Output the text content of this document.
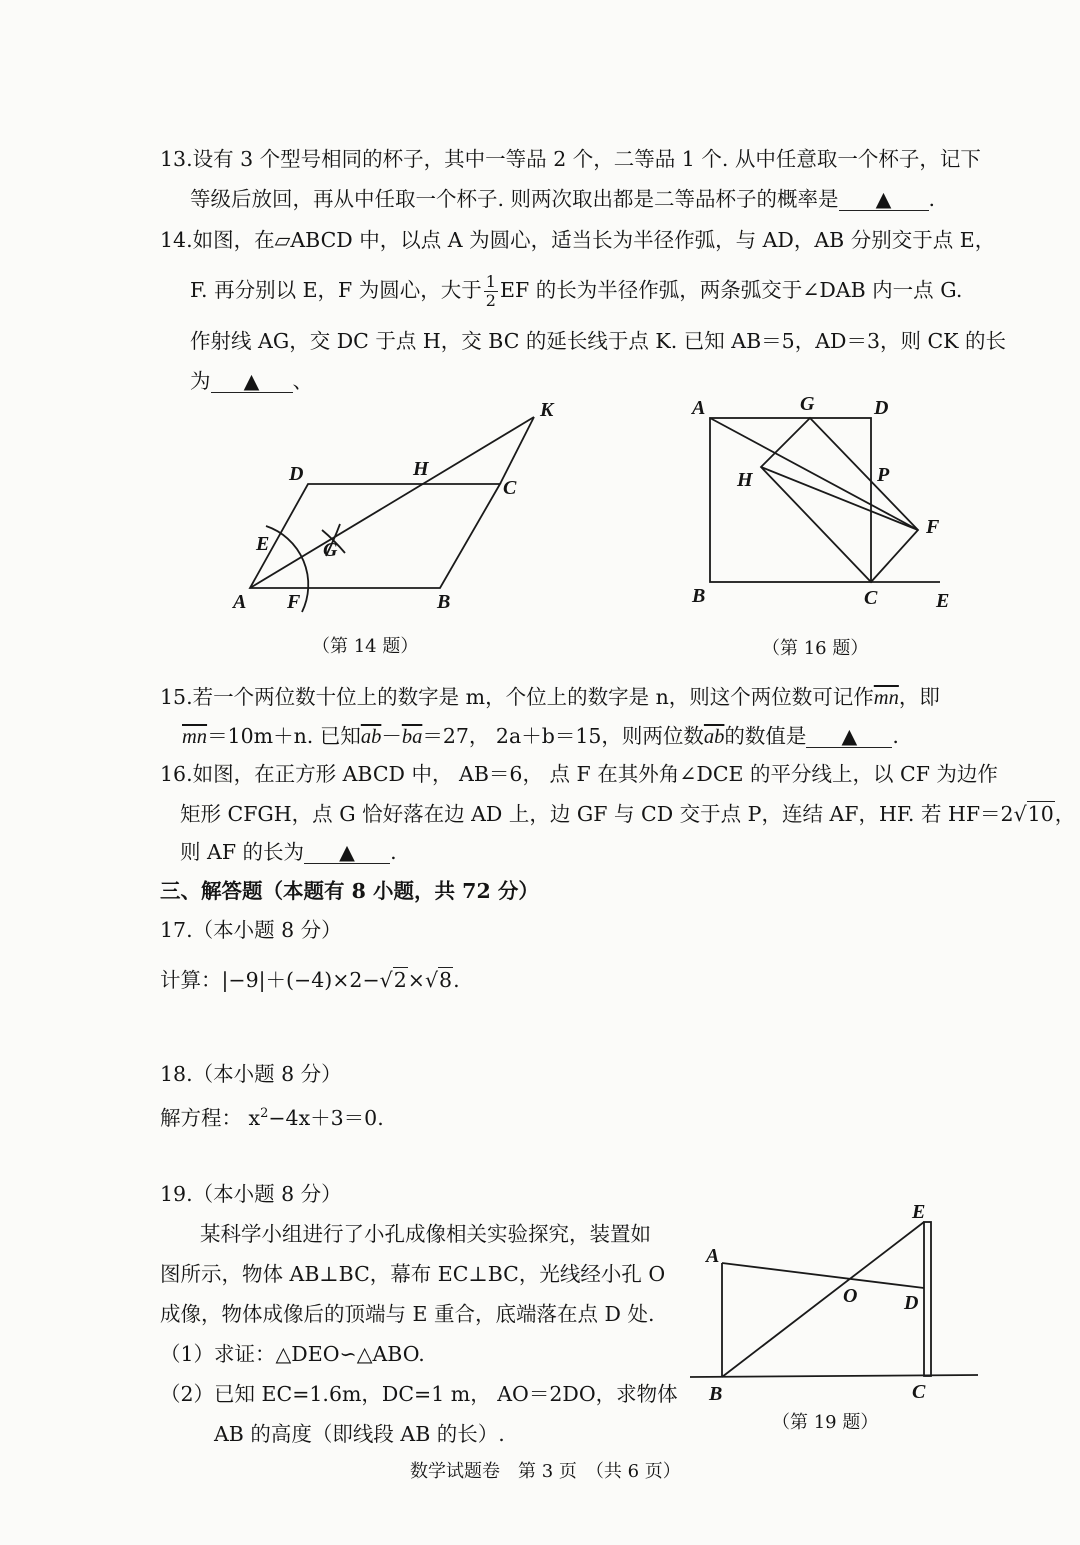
13.设有 3 个型号相同的杯子，其中一等品 2 个，二等品 1 个. 从中任意取一个杯子，记下
等级后放回，再从中任取一个杯子. 则两次取出都是二等品杯子的概率是 ▲ .
14.如图，在▱ABCD 中，以点 A 为圆心，适当长为半径作弧，与 AD，AB 分别交于点 E，
F. 再分别以 E，F 为圆心，大于 $\frac{1}{2}$ EF 的长为半径作弧，两条弧交于∠DAB 内一点 G.
作射线 AG，交 DC 于点 H，交 BC 的延长线于点 K. 已知 AB＝5，AD＝3，则 CK 的长
为 ▲ 、
A	B
C
D
E
F
G
H
K	A	G	D
H	P
F
B	C	E
（第 14 题）	（第 16 题）
15.若一个两位数十位上的数字是 m，个位上的数字是 n，则这个两位数可记作$\overline{mn}$，即
$\overline{mn}=10m+n$. 已知$\overline{ab}-\overline{ba}=27$， 2a＋b＝15，则两位数$\overline{ab}$的数值是 ▲ .
16.如图，在正方形 ABCD 中， AB＝6， 点 F 在其外角∠DCE 的平分线上，以 CF 为边作
矩形 CFGH，点 G 恰好落在边 AD 上，边 GF 与 CD 交于点 P，连结 AF，HF. 若 HF＝2√10，
则 AF 的长为 ▲ .
三、解答题（本题有 8 小题，共 72 分）
17.（本小题 8 分）
计算：|−9|＋(−4)×2−√2×√8.
18.（本小题 8 分）
解方程： $x^2-4x+3=0$.
19.（本小题 8 分）
某科学小组进行了小孔成像相关实验探究，装置如
图所示，物体 AB⊥BC，幕布 EC⊥BC，光线经小孔 O
成像，物体成像后的顶端与 E 重合，底端落在点 D 处.
（1）求证：△DEO∽△ABO.
（2）已知 EC=1.6m，DC=1 m， AO＝2DO，求物体
AB 的高度（即线段 AB 的长）.
A
B	C
D
E
O
（第 19 题）
数学试题卷　第 3 页　（共 6 页）
